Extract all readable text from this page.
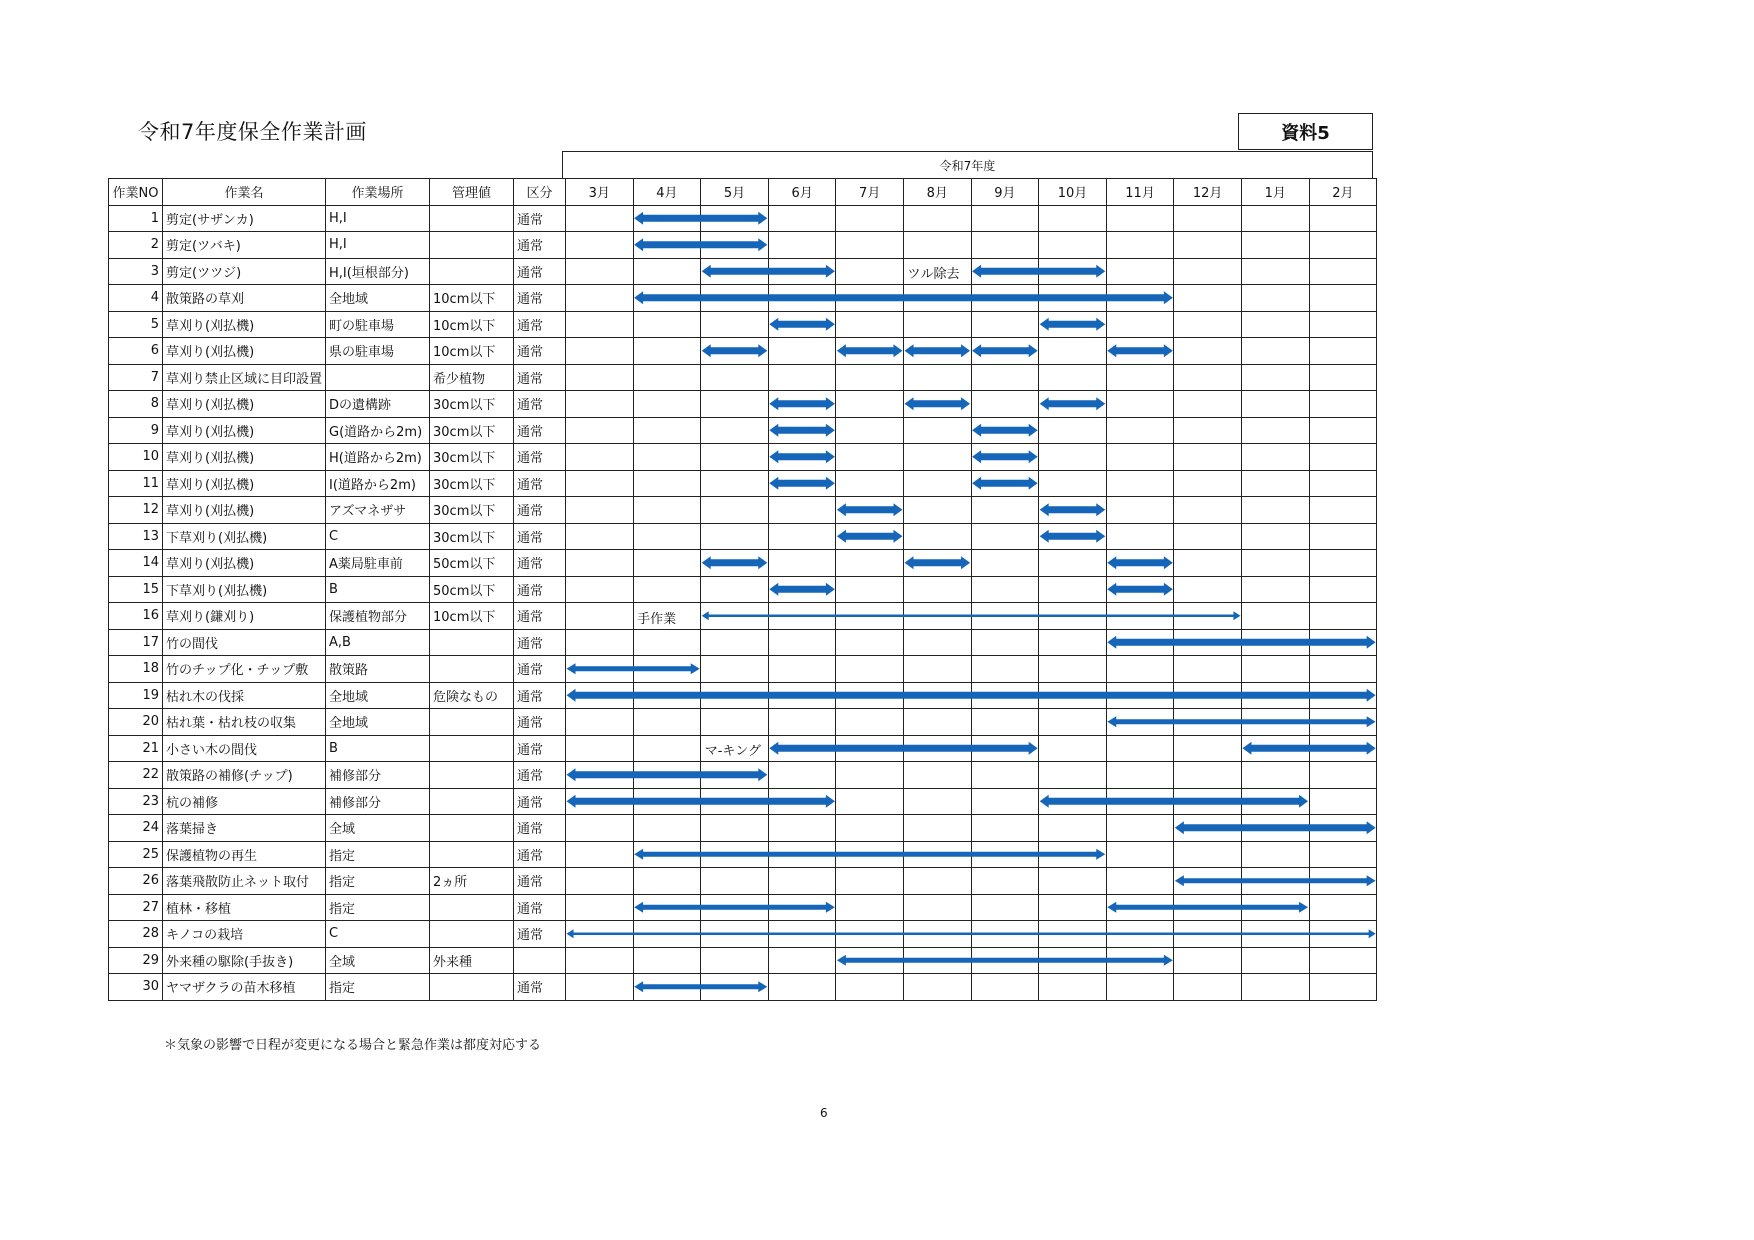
令和7年度保全作業計画	資料5
令和7年度
作業NO	作業名	作業場所	管理値	区分	3月	4月	5月	6月	7月	8月	9月	10月	11月	12月	1月	2月
1	剪定(サザンカ)	H,I		通常												
2	剪定(ツバキ)	H,I		通常												
3	剪定(ツツジ)	H,I(垣根部分)		通常												
4	散策路の草刈	全地域	10cm以下	通常												
5	草刈り(刈払機)	町の駐車場	10cm以下	通常												
6	草刈り(刈払機)	県の駐車場	10cm以下	通常												
7	草刈り禁止区域に目印設置		希少植物	通常												
8	草刈り(刈払機)	Dの遺構跡	30cm以下	通常												
9	草刈り(刈払機)	G(道路から2m)	30cm以下	通常												
10	草刈り(刈払機)	H(道路から2m)	30cm以下	通常												
11	草刈り(刈払機)	I(道路から2m)	30cm以下	通常												
12	草刈り(刈払機)	アズマネザサ	30cm以下	通常												
13	下草刈り(刈払機)	C	30cm以下	通常												
14	草刈り(刈払機)	A薬局駐車前	50cm以下	通常												
15	下草刈り(刈払機)	B	50cm以下	通常												
16	草刈り(鎌刈り)	保護植物部分	10cm以下	通常												
17	竹の間伐	A,B		通常												
18	竹のチップ化・チップ敷	散策路		通常												
19	枯れ木の伐採	全地域	危険なもの	通常												
20	枯れ葉・枯れ枝の収集	全地域		通常												
21	小さい木の間伐	B		通常												
22	散策路の補修(チップ)	補修部分		通常												
23	杭の補修	補修部分		通常												
24	落葉掃き	全域		通常												
25	保護植物の再生	指定		通常												
26	落葉飛散防止ネット取付	指定	2ヵ所	通常												
27	植林・移植	指定		通常												
28	キノコの栽培	C		通常												
29	外来種の駆除(手抜き)	全域	外来種													
30	ヤマザクラの苗木移植	指定		通常												
ツル除去
手作業
マ-キング
＊気象の影響で日程が変更になる場合と緊急作業は都度対応する
6
